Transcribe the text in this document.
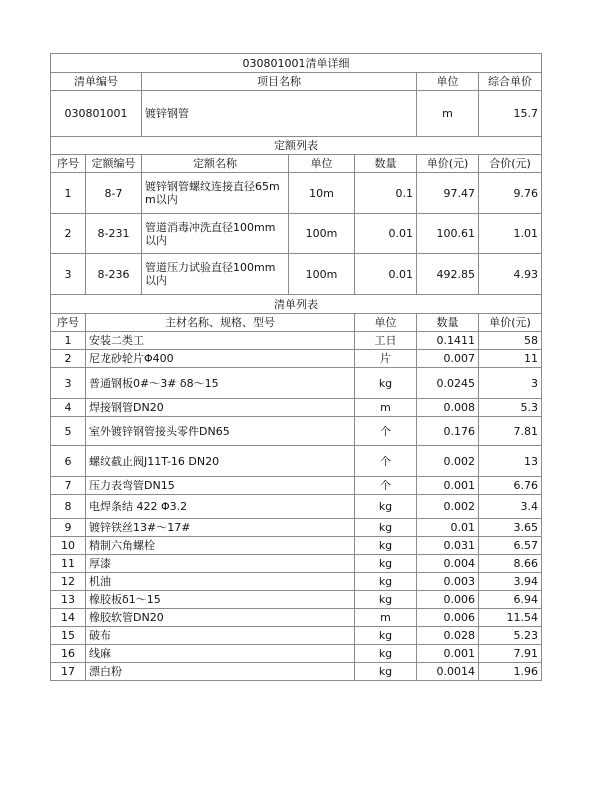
030801001清单详细							
清单编号		项目名称			单位	综合单价	
030801001		镀锌钢管			m	15.7	
定额列表							
序号	定额编号	定额名称	单位	数量	单价(元)	合价(元)	
1	8-7	镀锌钢管螺纹连接直径65mm以内	10m	0.1	97.47	9.76	
2	8-231	管道消毒冲洗直径100mm以内	100m	0.01	100.61	1.01	
3	8-236	管道压力试验直径100mm以内	100m	0.01	492.85	4.93	
清单列表							
序号	主材名称、规格、型号			单位	数量	单价(元)	
1	安装二类工			工日	0.1411	58	
2	尼龙砂轮片Φ400			片	0.007	11	
3	普通钢板0#～3# δ8～15			kg	0.0245	3	
4	焊接钢管DN20			m	0.008	5.3	
5	室外镀锌钢管接头零件DN65			个	0.176	7.81	
6	螺纹截止阀J11T-16 DN20			个	0.002	13	
7	压力表弯管DN15			个	0.001	6.76	
8	电焊条结 422 Φ3.2			kg	0.002	3.4	
9	镀锌铁丝13#～17#			kg	0.01	3.65	
10	精制六角螺栓			kg	0.031	6.57	
11	厚漆			kg	0.004	8.66	
12	机油			kg	0.003	3.94	
13	橡胶板δ1～15			kg	0.006	6.94	
14	橡胶软管DN20			m	0.006	11.54	
15	破布			kg	0.028	5.23	
16	线麻			kg	0.001	7.91	
17	漂白粉			kg	0.0014	1.96	
